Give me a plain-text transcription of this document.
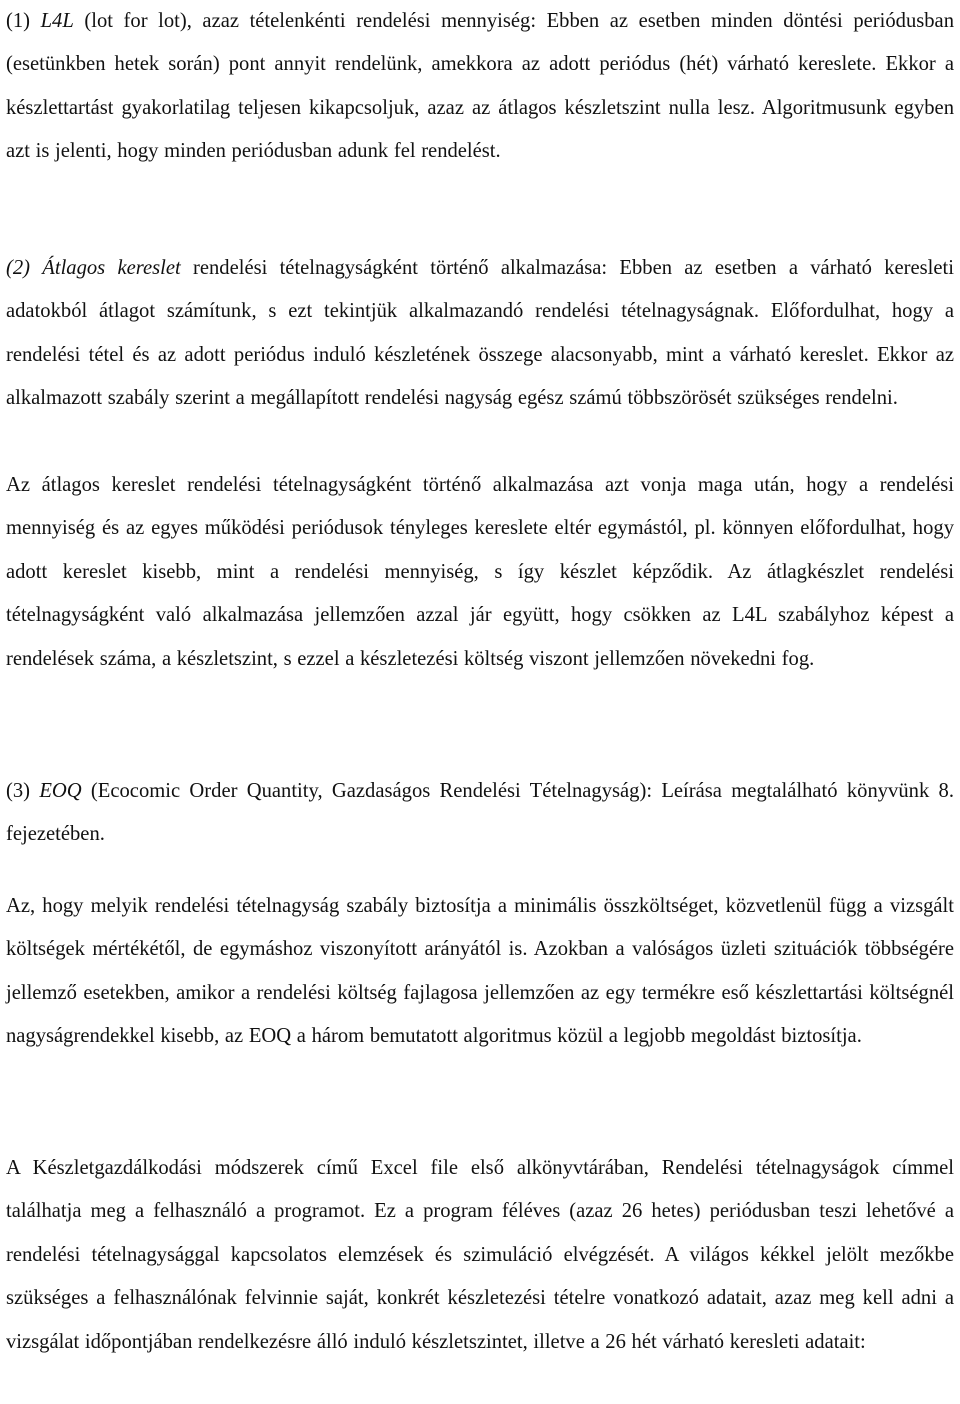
(1) L4L (lot for lot), azaz tételenkénti rendelési mennyiség: Ebben az esetben minden döntési periódusban (esetünkben hetek során) pont annyit rendelünk, amekkora az adott periódus (hét) várható kereslete. Ekkor a készlettartást gyakorlatilag teljesen kikapcsoljuk, azaz az átlagos készletszint nulla lesz. Algoritmusunk egyben azt is jelenti, hogy minden periódusban adunk fel rendelést.

(2) Átlagos kereslet rendelési tételnagyságként történő alkalmazása: Ebben az esetben a várható keresleti adatokból átlagot számítunk, s ezt tekintjük alkalmazandó rendelési tételnagyságnak. Előfordulhat, hogy a rendelési tétel és az adott periódus induló készletének összege alacsonyabb, mint a várható kereslet. Ekkor az alkalmazott szabály szerint a megállapított rendelési nagyság egész számú többszörösét szükséges rendelni.

Az átlagos kereslet rendelési tételnagyságként történő alkalmazása azt vonja maga után, hogy a rendelési mennyiség és az egyes működési periódusok tényleges kereslete eltér egymástól, pl. könnyen előfordulhat, hogy adott kereslet kisebb, mint a rendelési mennyiség, s így készlet képződik. Az átlagkészlet rendelési tételnagyságként való alkalmazása jellemzően azzal jár együtt, hogy csökken az L4L szabályhoz képest a rendelések száma, a készletszint, s ezzel a készletezési költség viszont jellemzően növekedni fog.

(3) EOQ (Ecocomic Order Quantity, Gazdaságos Rendelési Tételnagyság): Leírása megtalálható könyvünk 8. fejezetében.

Az, hogy melyik rendelési tételnagyság szabály biztosítja a minimális összköltséget, közvetlenül függ a vizsgált költségek mértékétől, de egymáshoz viszonyított arányától is. Azokban a valóságos üzleti szituációk többségére jellemző esetekben, amikor a rendelési költség fajlagosa jellemzően az egy termékre eső készlettartási költségnél nagyságrendekkel kisebb, az EOQ a három bemutatott algoritmus közül a legjobb megoldást biztosítja.

A Készletgazdálkodási módszerek című Excel file első alkönyvtárában, Rendelési tételnagyságok címmel találhatja meg a felhasználó a programot. Ez a program féléves (azaz 26 hetes) periódusban teszi lehetővé a rendelési tételnagysággal kapcsolatos elemzések és szimuláció elvégzését. A világos kékkel jelölt mezőkbe szükséges a felhasználónak felvinnie saját, konkrét készletezési tételre vonatkozó adatait, azaz meg kell adni a vizsgálat időpontjában rendelkezésre álló induló készletszintet, illetve a 26 hét várható keresleti adatait:
